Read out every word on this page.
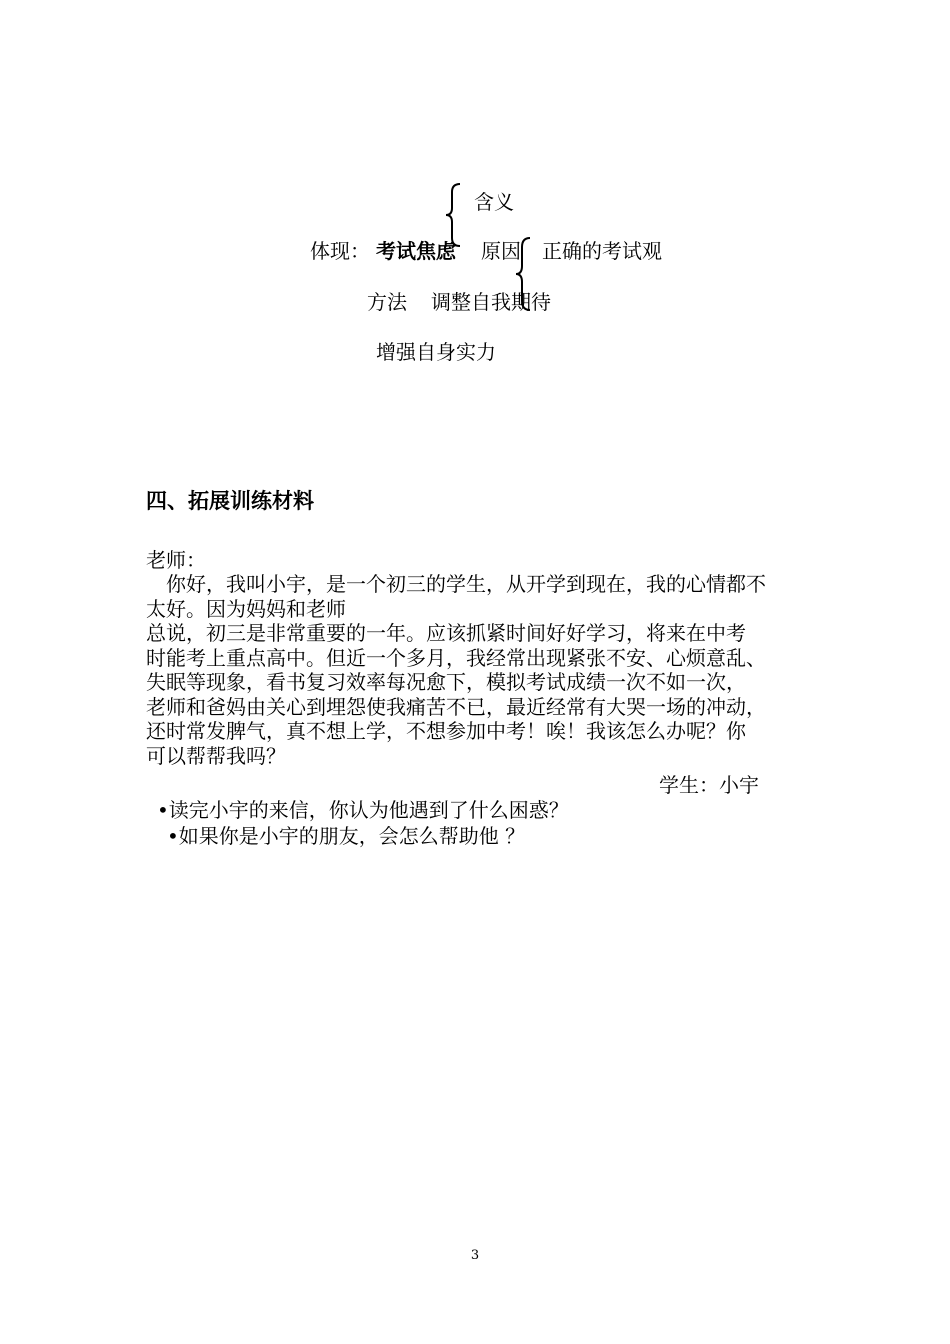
含义
体现： 考试焦虑 原因 正确的考试观
方法 调整自我期待
增强自身实力
四、拓展训练材料
老师：
　你好，我叫小宇，是一个初三的学生，从开学到现在，我的心情都不
太好。因为妈妈和老师
总说，初三是非常重要的一年。应该抓紧时间好好学习，将来在中考
时能考上重点高中。但近一个多月，我经常出现紧张不安、心烦意乱、
失眠等现象，看书复习效率每况愈下，模拟考试成绩一次不如一次，
老师和爸妈由关心到埋怨使我痛苦不已，最近经常有大哭一场的冲动，
还时常发脾气，真不想上学，不想参加中考！唉！我该怎么办呢？你
可以帮帮我吗？
学生：小宇
•读完小宇的来信，你认为他遇到了什么困惑？
•如果你是小宇的朋友，会怎么帮助他 ？
3
